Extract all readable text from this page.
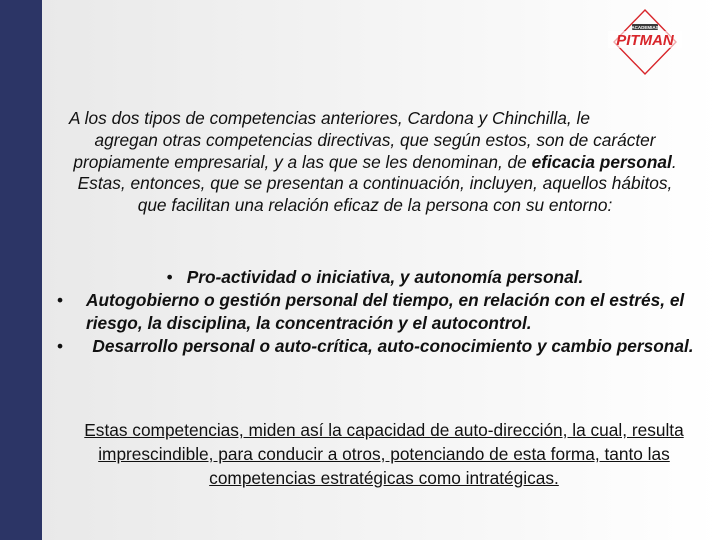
ACADEMIAS
PITMAN

A los dos tipos de competencias anteriores, Cardona y Chinchilla, le
agregan otras competencias directivas, que según estos, son de carácter propiamente empresarial, y a las que se les denominan, de eficacia personal. Estas, entonces, que se presentan a continuación, incluyen, aquellos hábitos, que facilitan una relación eficaz de la persona con su entorno:

• Pro-actividad o iniciativa, y autonomía personal.
• Autogobierno o gestión personal del tiempo, en relación con el estrés, el riesgo, la disciplina, la concentración y el autocontrol.
•	Desarrollo personal o auto-crítica, auto-conocimiento y cambio personal.

Estas competencias, miden así la capacidad de auto-dirección, la cual, resulta imprescindible, para conducir a otros, potenciando de esta forma, tanto las competencias estratégicas como intratégicas.
